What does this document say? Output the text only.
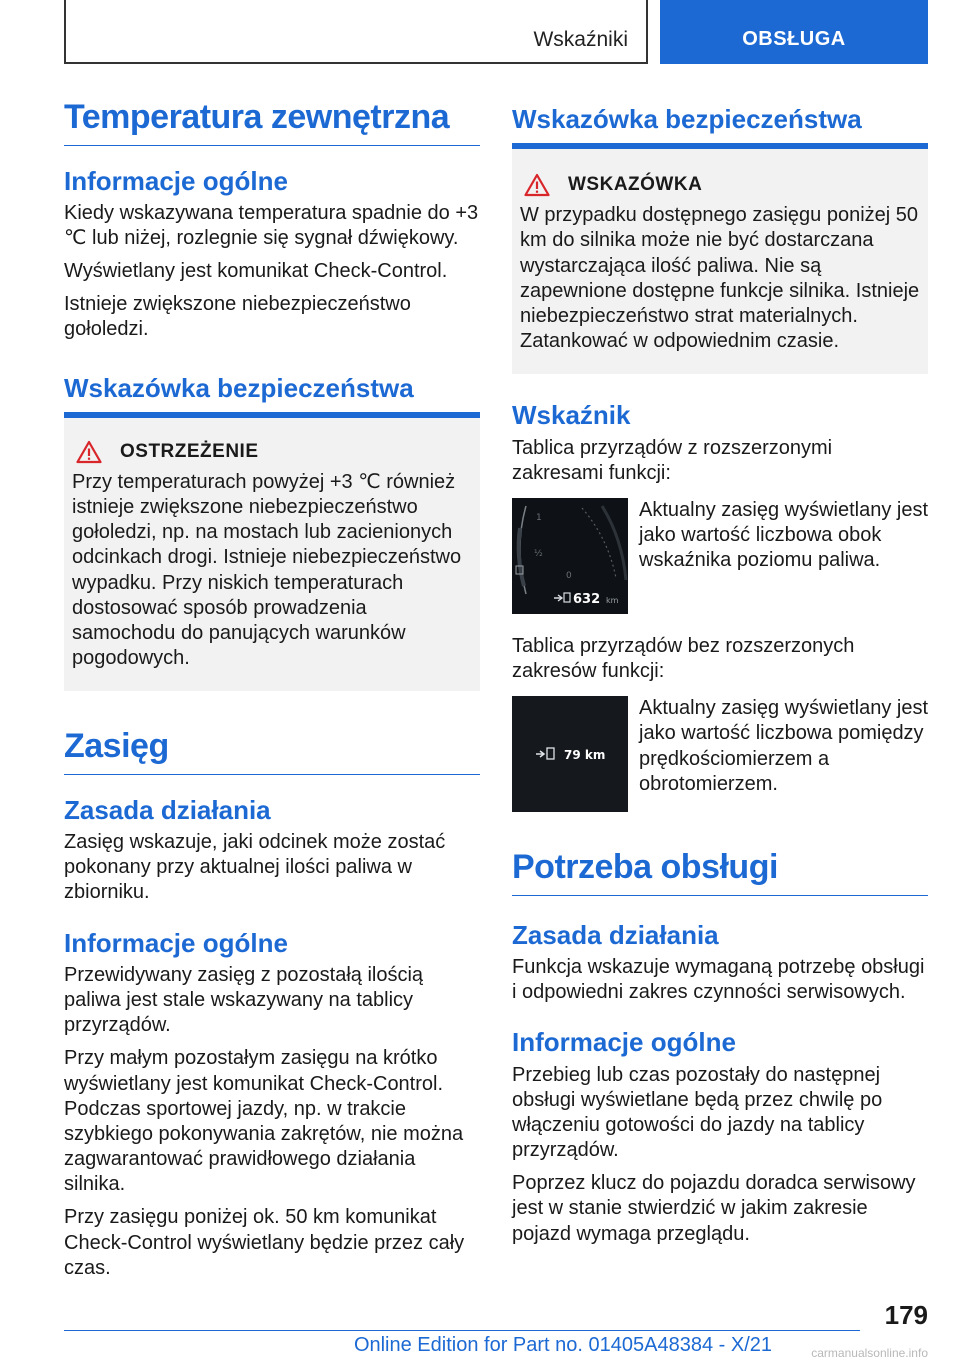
Wskaźniki	OBSŁUGA
Temperatura zewnętrzna
Informacje ogólne

Kiedy wskazywana temperatura spadnie do +3 ℃ lub niżej, rozlegnie się sygnał dźwiękowy.

Wyświetlany jest komunikat Check-Control.

Istnieje zwiększone niebezpieczeństwo gołoledzi.

Wskazówka bezpieczeństwa
OSTRZEŻENIE

Przy temperaturach powyżej +3 ℃ również istnieje zwiększone niebezpieczeństwo gołoledzi, np. na mostach lub zacienionych odcinkach drogi. Istnieje niebezpieczeństwo wypadku. Przy niskich temperaturach dostosować sposób prowadzenia samochodu do panujących warunków pogodowych.

Zasięg
Zasada działania

Zasięg wskazuje, jaki odcinek może zostać pokonany przy aktualnej ilości paliwa w zbiorniku.

Informacje ogólne

Przewidywany zasięg z pozostałą ilością paliwa jest stale wskazywany na tablicy przyrządów.

Przy małym pozostałym zasięgu na krótko wyświetlany jest komunikat Check-Control. Podczas sportowej jazdy, np. w trakcie szybkiego pokonywania zakrętów, nie można zagwarantować prawidłowego działania silnika.

Przy zasięgu poniżej ok. 50 km komunikat Check-Control wyświetlany będzie przez cały czas.

Wskazówka bezpieczeństwa
WSKAZÓWKA

W przypadku dostępnego zasięgu poniżej 50 km do silnika może nie być dostarczana wystarczająca ilość paliwa. Nie są zapewnione dostępne funkcje silnika. Istnieje niebezpieczeństwo strat materialnych. Zatankować w odpowiednim czasie.

Wskaźnik

Tablica przyrządów z rozszerzonymi zakresami funkcji:

1
½
0
632 km

Aktualny zasięg wyświetlany jest jako wartość liczbowa obok wskaźnika poziomu paliwa.

Tablica przyrządów bez rozszerzonych zakresów funkcji:

79 km

Aktualny zasięg wyświetlany jest jako wartość liczbowa pomiędzy prędkościomierzem a obrotomierzem.

Potrzeba obsługi
Zasada działania

Funkcja wskazuje wymaganą potrzebę obsługi i odpowiedni zakres czynności serwisowych.

Informacje ogólne

Przebieg lub czas pozostały do następnej obsługi wyświetlane będą przez chwilę po włączeniu gotowości do jazdy na tablicy przyrządów.

Poprzez klucz do pojazdu doradca serwisowy jest w stanie stwierdzić w jakim zakresie pojazd wymaga przeglądu.

179
Online Edition for Part no. 01405A48384 - X/21	carmanualsonline.info
